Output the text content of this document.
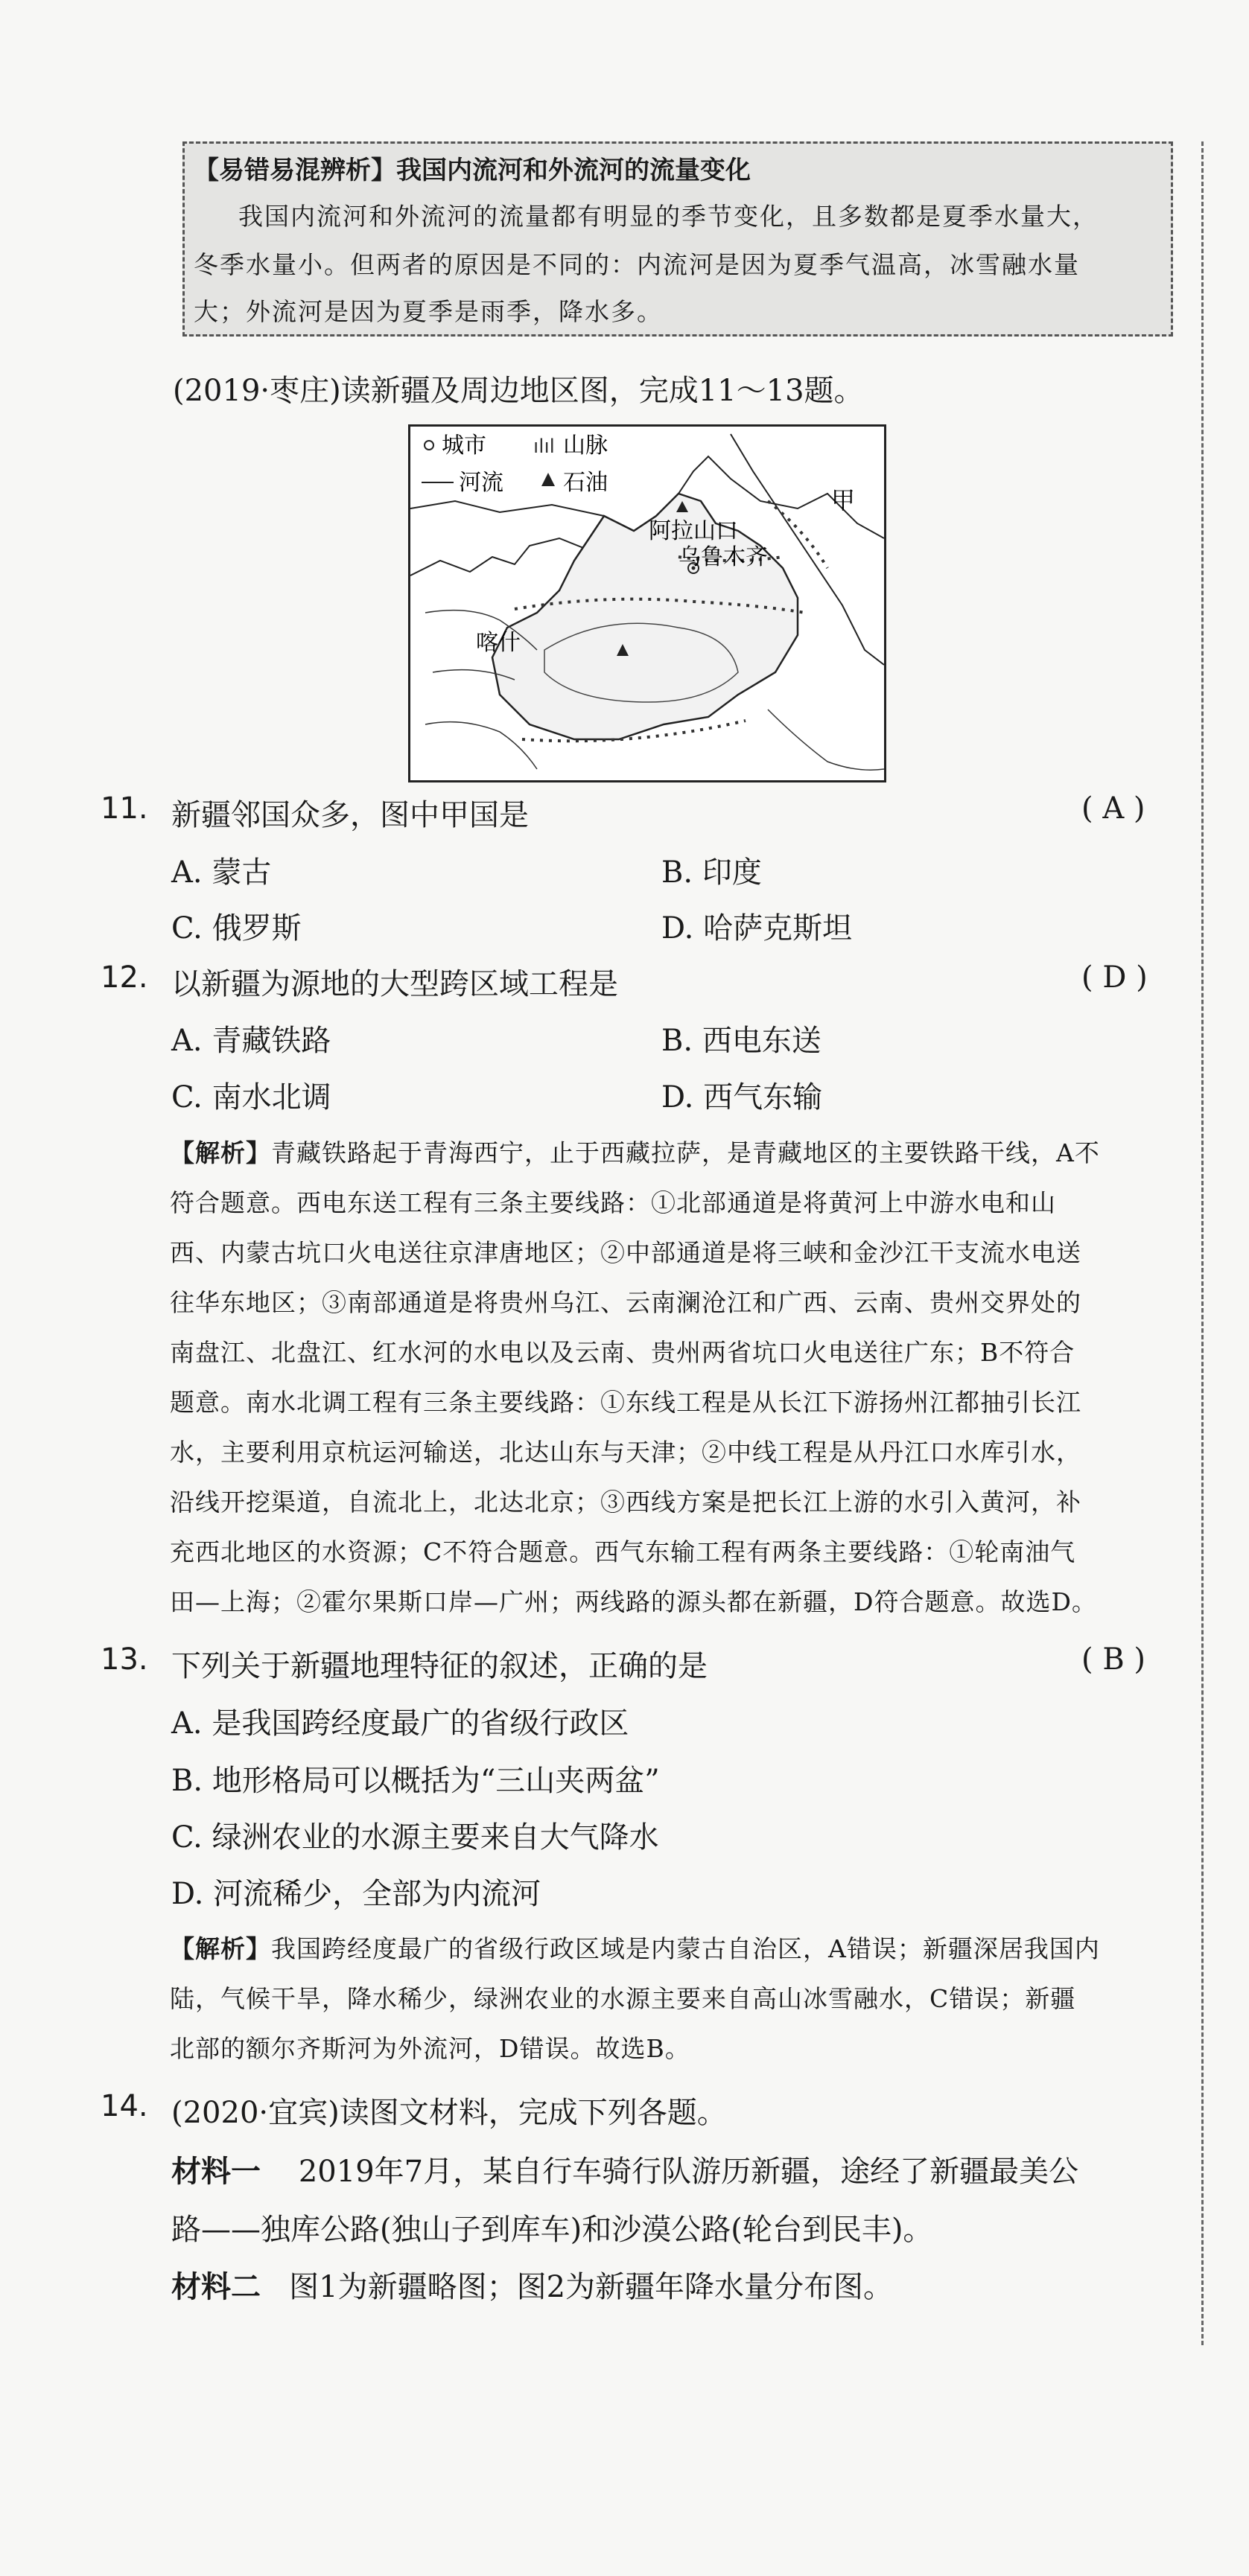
【易错易混辨析】我国内流河和外流河的流量变化
我国内流河和外流河的流量都有明显的季节变化，且多数都是夏季水量大，
冬季水量小。但两者的原因是不同的：内流河是因为夏季气温高，冰雪融水量
大；外流河是因为夏季是雨季，降水多。
(2019·枣庄)读新疆及周边地区图，完成11～13题。
城市 ılıl 山脉
河流	石油
甲
阿拉山口
乌鲁木齐
喀什
11. 新疆邻国众多，图中甲国是	( A )
A. 蒙古	B. 印度
C. 俄罗斯	D. 哈萨克斯坦
12. 以新疆为源地的大型跨区域工程是	( D )
A. 青藏铁路	B. 西电东送
C. 南水北调	D. 西气东输
【解析】青藏铁路起于青海西宁，止于西藏拉萨，是青藏地区的主要铁路干线，A不
符合题意。西电东送工程有三条主要线路：①北部通道是将黄河上中游水电和山
西、内蒙古坑口火电送往京津唐地区；②中部通道是将三峡和金沙江干支流水电送
往华东地区；③南部通道是将贵州乌江、云南澜沧江和广西、云南、贵州交界处的
南盘江、北盘江、红水河的水电以及云南、贵州两省坑口火电送往广东；B不符合
题意。南水北调工程有三条主要线路：①东线工程是从长江下游扬州江都抽引长江
水，主要利用京杭运河输送，北达山东与天津；②中线工程是从丹江口水库引水，
沿线开挖渠道，自流北上，北达北京；③西线方案是把长江上游的水引入黄河，补
充西北地区的水资源；C不符合题意。西气东输工程有两条主要线路：①轮南油气
田—上海；②霍尔果斯口岸—广州；两线路的源头都在新疆，D符合题意。故选D。
13. 下列关于新疆地理特征的叙述，正确的是	( B )
A. 是我国跨经度最广的省级行政区
B. 地形格局可以概括为“三山夹两盆”
C. 绿洲农业的水源主要来自大气降水
D. 河流稀少，全部为内流河
【解析】我国跨经度最广的省级行政区域是内蒙古自治区，A错误；新疆深居我国内
陆，气候干旱，降水稀少，绿洲农业的水源主要来自高山冰雪融水，C错误；新疆
北部的额尔齐斯河为外流河，D错误。故选B。
14. (2020·宜宾)读图文材料，完成下列各题。
材料一 2019年7月，某自行车骑行队游历新疆，途经了新疆最美公
路——独库公路(独山子到库车)和沙漠公路(轮台到民丰)。
材料二 图1为新疆略图；图2为新疆年降水量分布图。
